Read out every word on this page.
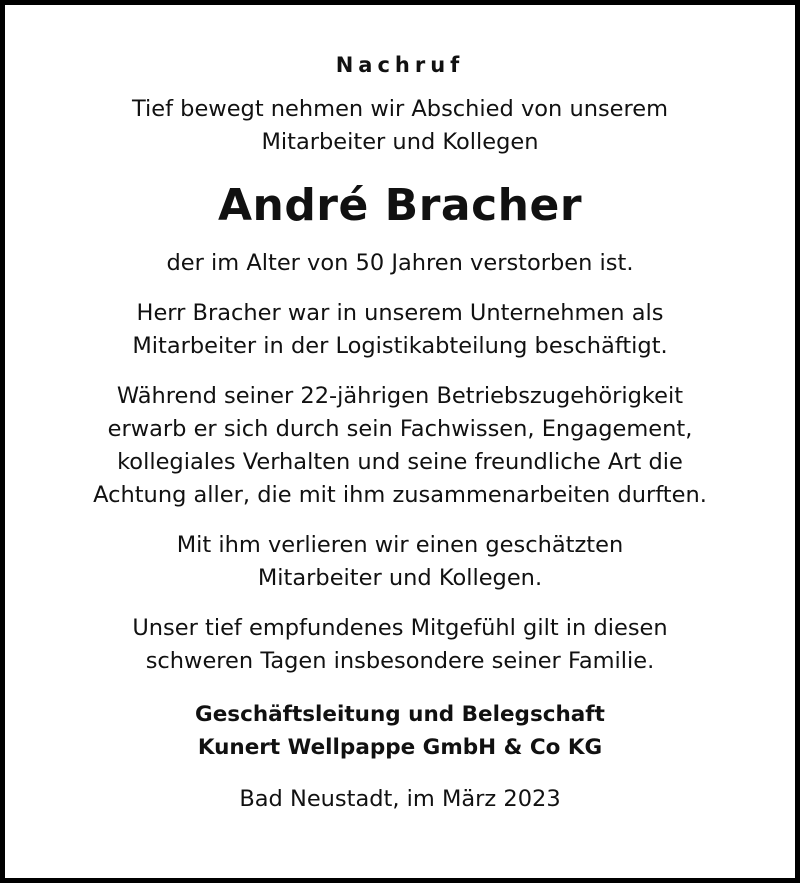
Nachruf

Tief bewegt nehmen wir Abschied von unserem
Mitarbeiter und Kollegen

André Bracher

der im Alter von 50 Jahren verstorben ist.

Herr Bracher war in unserem Unternehmen als
Mitarbeiter in der Logistikabteilung beschäftigt.

Während seiner 22-jährigen Betriebszugehörigkeit
erwarb er sich durch sein Fachwissen, Engagement,
kollegiales Verhalten und seine freundliche Art die
Achtung aller, die mit ihm zusammenarbeiten durften.

Mit ihm verlieren wir einen geschätzten
Mitarbeiter und Kollegen.

Unser tief empfundenes Mitgefühl gilt in diesen
schweren Tagen insbesondere seiner Familie.

Geschäftsleitung und Belegschaft
Kunert Wellpappe GmbH & Co KG

Bad Neustadt, im März 2023
